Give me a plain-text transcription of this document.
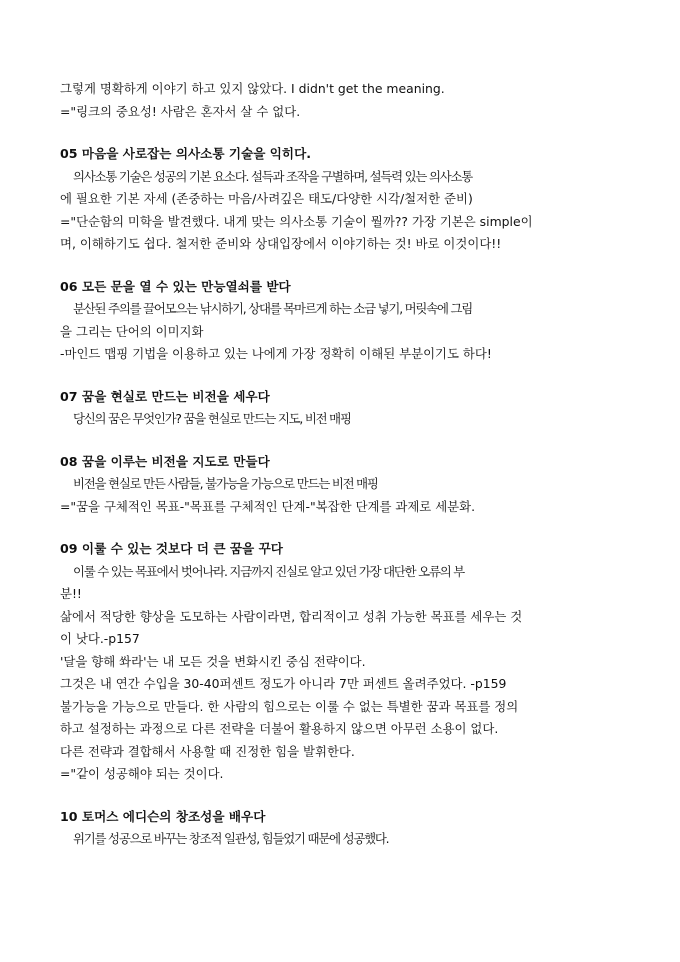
그렇게 명확하게 이야기 하고 있지 않았다. I didn't get the meaning.
="링크의 중요성! 사람은 혼자서 살 수 없다.
05 마음을 사로잡는 의사소통 기술을 익히다.
의사소통 기술은 성공의 기본 요소다. 설득과 조작을 구별하며, 설득력 있는 의사소통
에 필요한 기본 자세 (존중하는 마음/사려깊은 태도/다양한 시각/철저한 준비)
="단순함의 미학을 발견했다. 내게 맞는 의사소통 기술이 뭘까?? 가장 기본은 simple이
며, 이해하기도 쉽다. 철저한 준비와 상대입장에서 이야기하는 것! 바로 이것이다!!
06 모든 문을 열 수 있는 만능열쇠를 받다
분산된 주의를 끌어모으는 낚시하기, 상대를 목마르게 하는 소금 넣기, 머릿속에 그림
을 그리는 단어의 이미지화
-마인드 맵핑 기법을 이용하고 있는 나에게 가장 정확히 이해된 부분이기도 하다!
07 꿈을 현실로 만드는 비전을 세우다
당신의 꿈은 무엇인가? 꿈을 현실로 만드는 지도, 비전 매핑
08 꿈을 이루는 비전을 지도로 만들다
비전을 현실로 만든 사람들, 불가능을 가능으로 만드는 비전 매핑
="꿈을 구체적인 목표-"목표를 구체적인 단계-"복잡한 단계를 과제로 세분화.
09 이룰 수 있는 것보다 더 큰 꿈을 꾸다
이룰 수 있는 목표에서 벗어나라. 지금까지 진실로 알고 있던 가장 대단한 오류의 부
분!!
삶에서 적당한 향상을 도모하는 사람이라면, 합리적이고 성취 가능한 목표를 세우는 것
이 낫다.-p157
'달을 향해 쏴라'는 내 모든 것을 변화시킨 중심 전략이다.
그것은 내 연간 수입을 30-40퍼센트 정도가 아니라 7만 퍼센트 올려주었다. -p159
불가능을 가능으로 만들다. 한 사람의 힘으로는 이룰 수 없는 특별한 꿈과 목표를 정의
하고 설정하는 과정으로 다른 전략을 더불어 활용하지 않으면 아무런 소용이 없다.
다른 전략과 결합해서 사용할 때 진정한 힘을 발휘한다.
="같이 성공해야 되는 것이다.
10 토머스 에디슨의 창조성을 배우다
위기를 성공으로 바꾸는 창조적 일관성, 힘들었기 때문에 성공했다.
